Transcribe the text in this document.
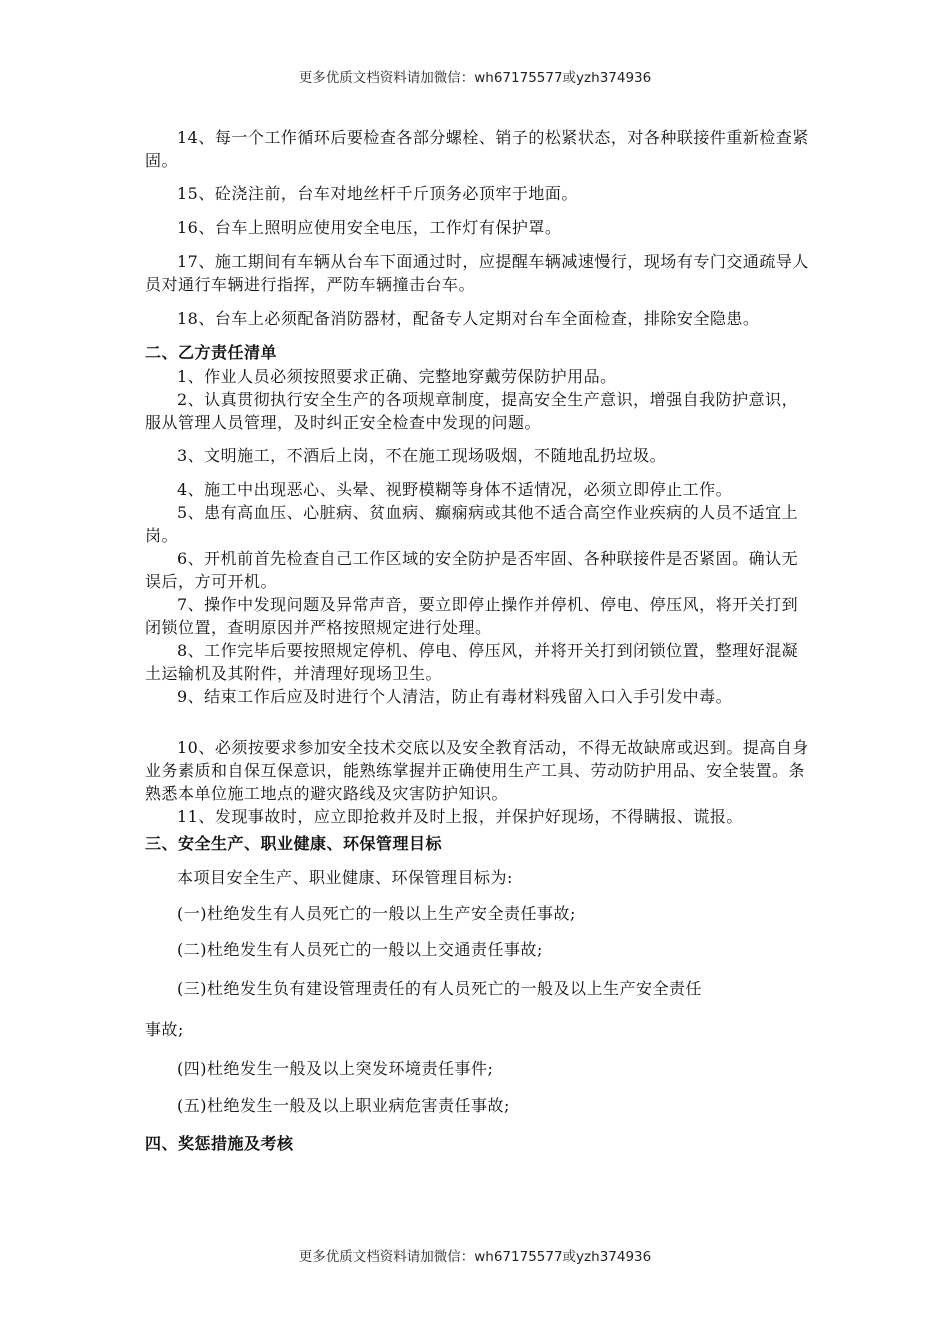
更多优质文档资料请加微信：wh67175577或yzh374936

14、每一个工作循环后要检查各部分螺栓、销子的松紧状态，对各种联接件重新检查紧固。

15、砼浇注前，台车对地丝杆千斤顶务必顶牢于地面。

16、台车上照明应使用安全电压，工作灯有保护罩。

17、施工期间有车辆从台车下面通过时，应提醒车辆减速慢行，现场有专门交通疏导人员对通行车辆进行指挥，严防车辆撞击台车。

18、台车上必须配备消防器材，配备专人定期对台车全面检查，排除安全隐患。

二、乙方责任清单

1、作业人员必须按照要求正确、完整地穿戴劳保防护用品。

2、认真贯彻执行安全生产的各项规章制度，提高安全生产意识，增强自我防护意识，服从管理人员管理，及时纠正安全检查中发现的问题。

3、文明施工，不酒后上岗，不在施工现场吸烟，不随地乱扔垃圾。

4、施工中出现恶心、头晕、视野模糊等身体不适情况，必须立即停止工作。

5、患有高血压、心脏病、贫血病、癫痫病或其他不适合高空作业疾病的人员不适宜上岗。

6、开机前首先检查自己工作区域的安全防护是否牢固、各种联接件是否紧固。确认无误后，方可开机。

7、操作中发现问题及异常声音，要立即停止操作并停机、停电、停压风，将开关打到闭锁位置，查明原因并严格按照规定进行处理。

8、工作完毕后要按照规定停机、停电、停压风，并将开关打到闭锁位置，整理好混凝土运输机及其附件，并清理好现场卫生。

9、结束工作后应及时进行个人清洁，防止有毒材料残留入口入手引发中毒。

10、必须按要求参加安全技术交底以及安全教育活动，不得无故缺席或迟到。提高自身业务素质和自保互保意识，能熟练掌握并正确使用生产工具、劳动防护用品、安全装置。条熟悉本单位施工地点的避灾路线及灾害防护知识。

11、发现事故时，应立即抢救并及时上报，并保护好现场，不得瞒报、谎报。

三、安全生产、职业健康、环保管理目标

本项目安全生产、职业健康、环保管理目标为:

(一)杜绝发生有人员死亡的一般以上生产安全责任事故;

(二)杜绝发生有人员死亡的一般以上交通责任事故;

(三)杜绝发生负有建设管理责任的有人员死亡的一般及以上生产安全责任

事故;

(四)杜绝发生一般及以上突发环境责任事件;

(五)杜绝发生一般及以上职业病危害责任事故;

四、奖惩措施及考核

更多优质文档资料请加微信：wh67175577或yzh374936
